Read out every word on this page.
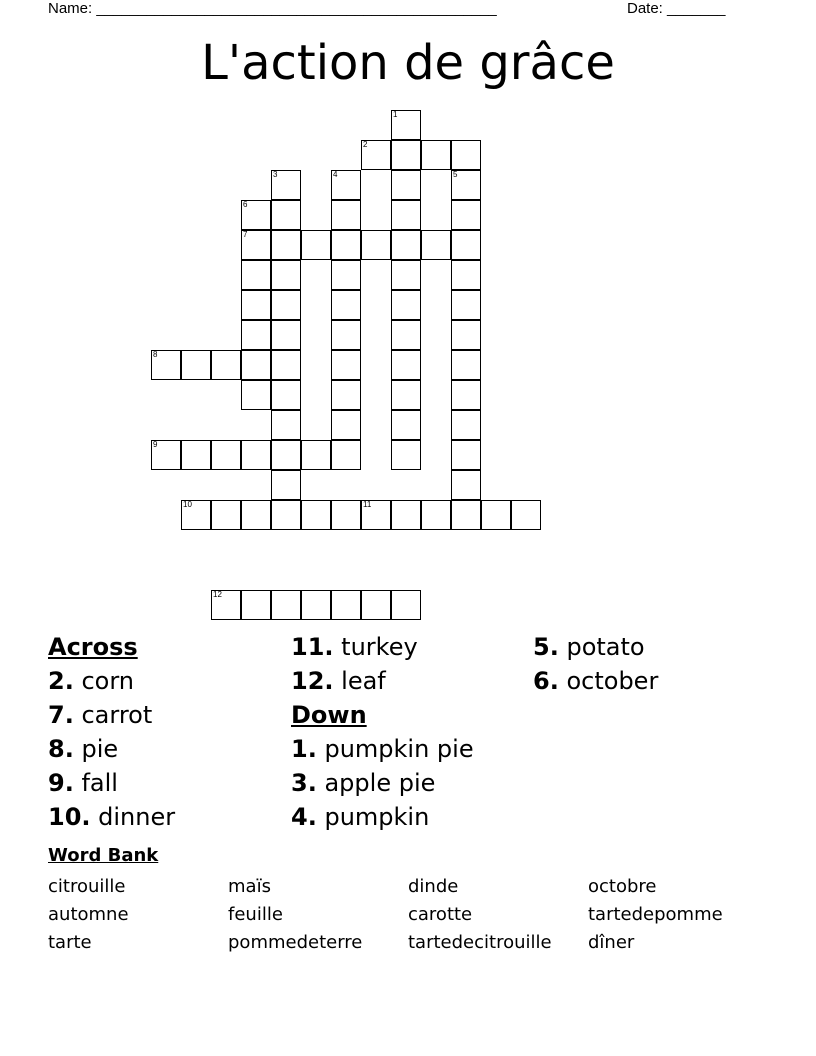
Name: ________________________________________________	Date: _______
L'action de grâce
1
2
3	4	5
6
7
8
9
10	11
12
Across
2. corn
7. carrot
8. pie
9. fall
10. dinner
11. turkey
12. leaf
Down
1. pumpkin pie
3. apple pie
4. pumpkin
5. potato
6. october
Word Bank
citrouille	maïs	dinde	octobre
automne	feuille	carotte	tartedepomme
tarte	pommedeterre	tartedecitrouille	dîner
